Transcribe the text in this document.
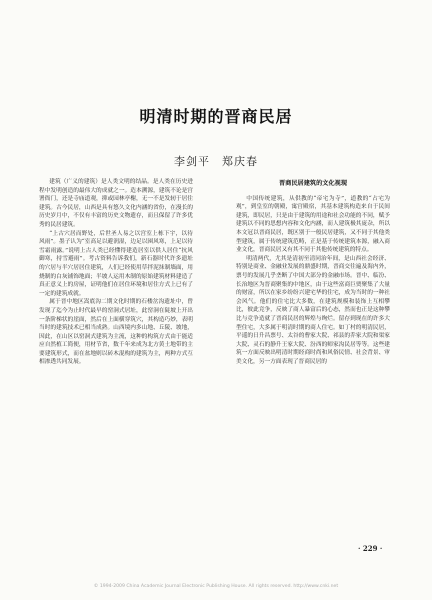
明清时期的晋商民居
李剑平　郑庆春

建筑（广义的建筑）是人类文明的结晶。是人类在历史进程中发明创造的最伟大的成就之一。造本溯源，建筑不论是宫署衙门，还是寺庙道观，抑或园林亭榭，无一不是发轫于居住建筑。古今民居，山西是具有悠久文化内涵的省份，在漫长的历史岁月中，不仅有丰富的历史文物遗存，而且保留了许多优秀的民居建筑。

“上古穴居而野处，后世圣人易之以宫室上栋下宇，以待风雨”。墨子认为“室高足以避润湿，边足以圉风寒，上足以待雪霜雨露。”说明上古人类已经懂得建造居室以供人居住“抗风御寒，持雪避雨”。考古资料告诉我们，新石器时代许多遗址的穴居与半穴居居住建筑，人们已经使用草拌泥抹制墙面，用烧制的白灰铺饰地面；半坡人运用木制的原始建筑材料建造了真正意义上的房屋，证明他们在居住环境和居住方式上已有了一定的建筑成就。

属于晋中地区嵩底沟二期文化时期的石楼岔沟遗址中，曾发现了迄今为止时代最早的窑洞式居址，此窑洞在陡坡上开出一条阶梯状的崖面，然后在上面横穿筑穴，其构造巧妙，表明当时的建筑技术已相当成熟。山西境内多山地、丘陵、坡地，因此，在山区以窑洞式建筑为主流，这种的构筑方式由于能适应自然植工简便，用材节省，数千年来成为北方黄土地带的主要建筑形式，而在盆地则以砖木混构的建筑为主，两种方式互相渗透共同发展。

晋商民居建筑的文化视现

中国传统建筑，从供教的“帝宅为寺”，道教的“占宅为观”，到皇室的朝殿，寓宫殿宿，其基本建筑构造来自于民间建筑，即民居，只是由于建筑的用途和社会功能的不同，赋予建筑以不同的思想内容和文化内涵，而人建筑极其庞杂，所以本文冠以晋商民居，既区别于一般民居建筑，又不同于其他类型建筑，属于传统建筑范畴，正是基于传统建筑本源，融入商业文化，晋商民居又有其不同于其他传统建筑的特点。

明清两代，尤其是清初至清同治年间，是山西社会经济、特别是商业、金融业发展的鼎盛时期，晋商交往遍及海内外，票号的发展几乎垄断了中国大部分的金融市场。晋中、临汾、长治地区为晋商聚集的中地区，由于这些富商巨贾聚集了大量的财富，所以在家乡纷纷兴建宅华的住宅，成为当时的一种社会风气。他们的住宅比大多数，在建筑规模和装饰上互相攀比，彼此竞争，反映了商人暴富后的心态，然而也正是这种攀比与竞争造就了晋商民居的辉煌与绚烂。留存到现在的许多大型住宅，大多属于明清时期的商人住宅。如丁村的明清民居，平遥的日升昌票号、太谷的曹家大院、祁县的乔家大院和渠家大院、灵石的静升王家大院、汾西的师家沟民居等等。这些建筑一方面反映出明清时期经商时尚和风俗民情、社会背景、审美文化，另一方面表现了晋商民居的

· 229 ·
© 1994-2009 China Academic Journal Electronic Publishing House. All rights reserved. http://www.cnki.net
